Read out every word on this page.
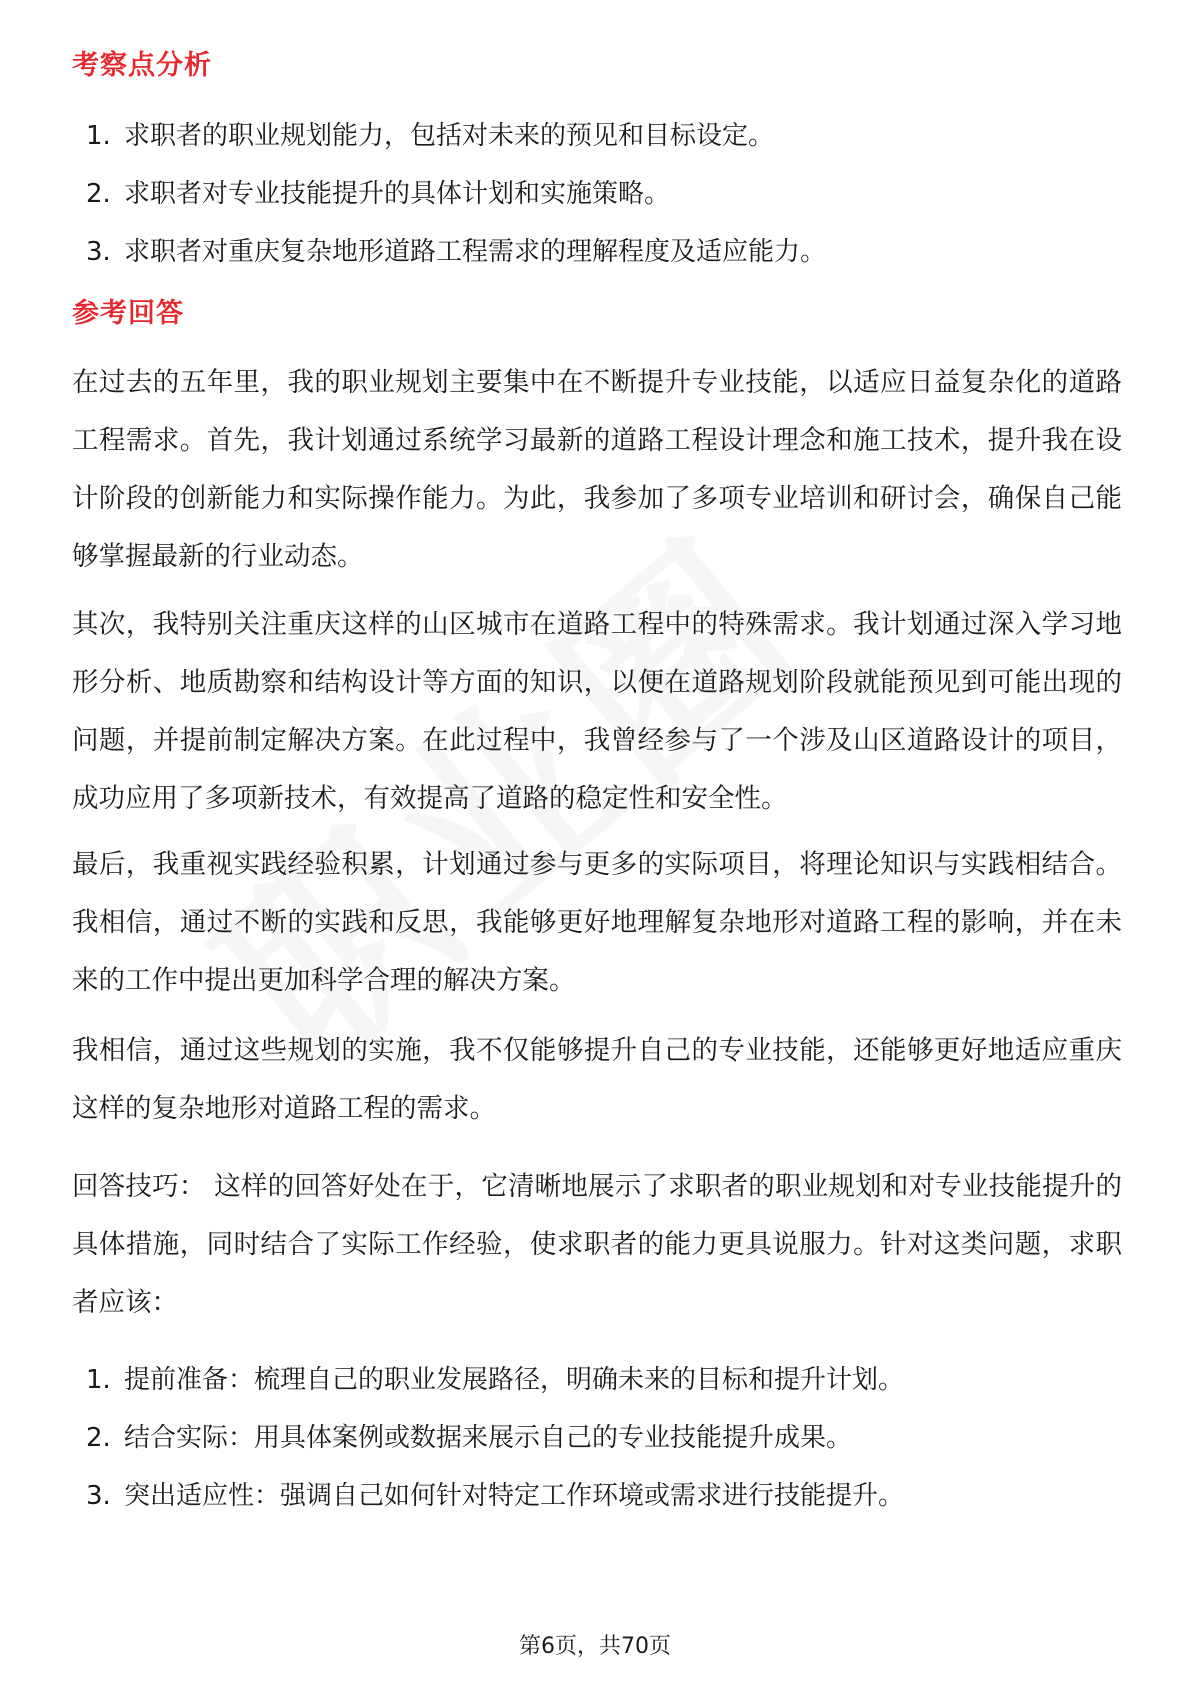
考察点分析
1. 求职者的职业规划能力，包括对未来的预见和目标设定。
2. 求职者对专业技能提升的具体计划和实施策略。
3. 求职者对重庆复杂地形道路工程需求的理解程度及适应能力。
参考回答

在过去的五年里，我的职业规划主要集中在不断提升专业技能，以适应日益复杂化的道路工程需求。首先，我计划通过系统学习最新的道路工程设计理念和施工技术，提升我在设计阶段的创新能力和实际操作能力。为此，我参加了多项专业培训和研讨会，确保自己能够掌握最新的行业动态。

其次，我特别关注重庆这样的山区城市在道路工程中的特殊需求。我计划通过深入学习地形分析、地质勘察和结构设计等方面的知识，以便在道路规划阶段就能预见到可能出现的问题，并提前制定解决方案。在此过程中，我曾经参与了一个涉及山区道路设计的项目，成功应用了多项新技术，有效提高了道路的稳定性和安全性。

最后，我重视实践经验积累，计划通过参与更多的实际项目，将理论知识与实践相结合。我相信，通过不断的实践和反思，我能够更好地理解复杂地形对道路工程的影响，并在未来的工作中提出更加科学合理的解决方案。

我相信，通过这些规划的实施，我不仅能够提升自己的专业技能，还能够更好地适应重庆这样的复杂地形对道路工程的需求。

回答技巧： 这样的回答好处在于，它清晰地展示了求职者的职业规划和对专业技能提升的具体措施，同时结合了实际工作经验，使求职者的能力更具说服力。针对这类问题，求职者应该：

1. 提前准备：梳理自己的职业发展路径，明确未来的目标和提升计划。
2. 结合实际：用具体案例或数据来展示自己的专业技能提升成果。
3. 突出适应性：强调自己如何针对特定工作环境或需求进行技能提升。
第6页，共70页
